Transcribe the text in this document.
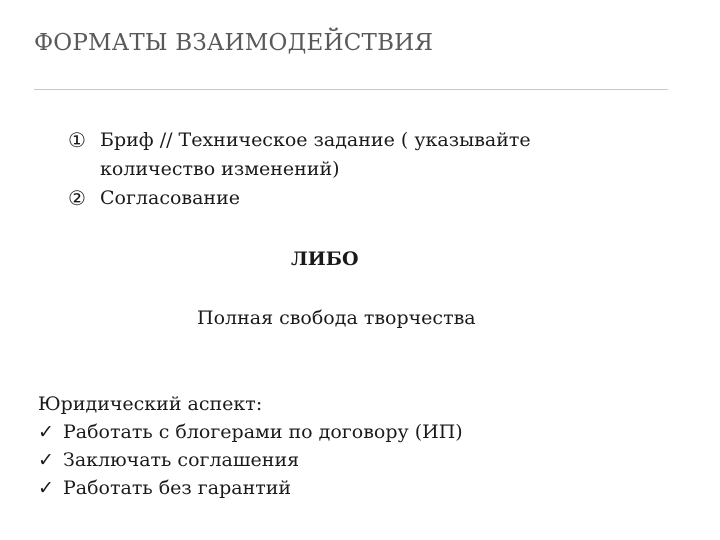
ФОРМАТЫ ВЗАИМОДЕЙСТВИЯ
① Бриф // Техническое задание ( указывайте количество изменений)
② Согласование
ЛИБО
Полная свобода творчества
Юридический аспект:
✓ Работать с блогерами по договору (ИП)
✓ Заключать соглашения
✓ Работать без гарантий
